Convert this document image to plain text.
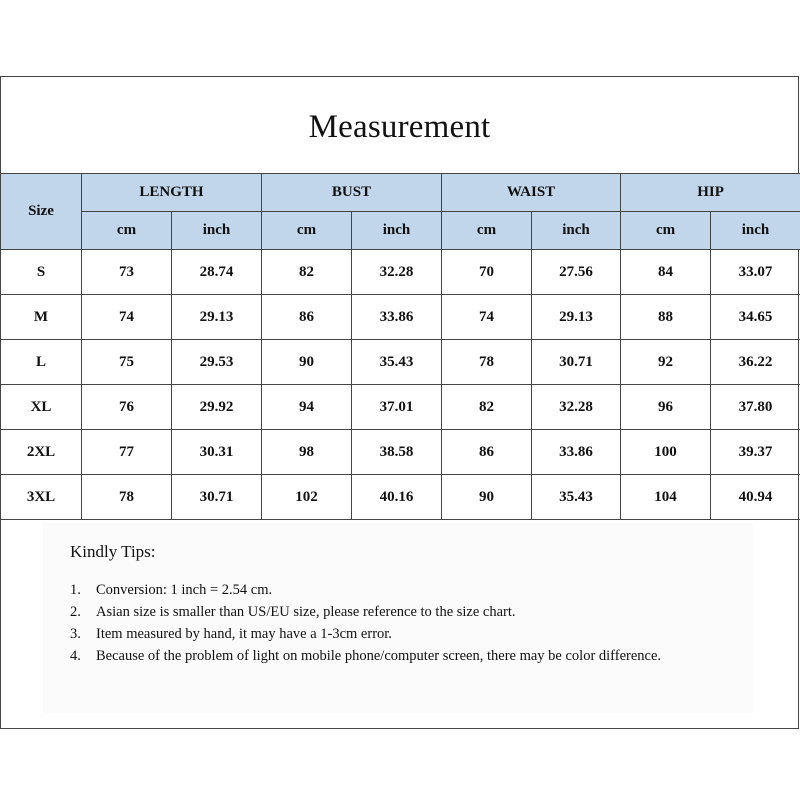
Measurement
Size	LENGTH		BUST		WAIST		HIP	
	cm	inch	cm	inch	cm	inch	cm	inch
S	73	28.74	82	32.28	70	27.56	84	33.07
M	74	29.13	86	33.86	74	29.13	88	34.65
L	75	29.53	90	35.43	78	30.71	92	36.22
XL	76	29.92	94	37.01	82	32.28	96	37.80
2XL	77	30.31	98	38.58	86	33.86	100	39.37
3XL	78	30.71	102	40.16	90	35.43	104	40.94
Kindly Tips:
1.	Conversion: 1 inch = 2.54 cm.
2.	Asian size is smaller than US/EU size, please reference to the size chart.
3.	Item measured by hand, it may have a 1-3cm error.
4.	Because of the problem of light on mobile phone/computer screen, there may be color difference.
